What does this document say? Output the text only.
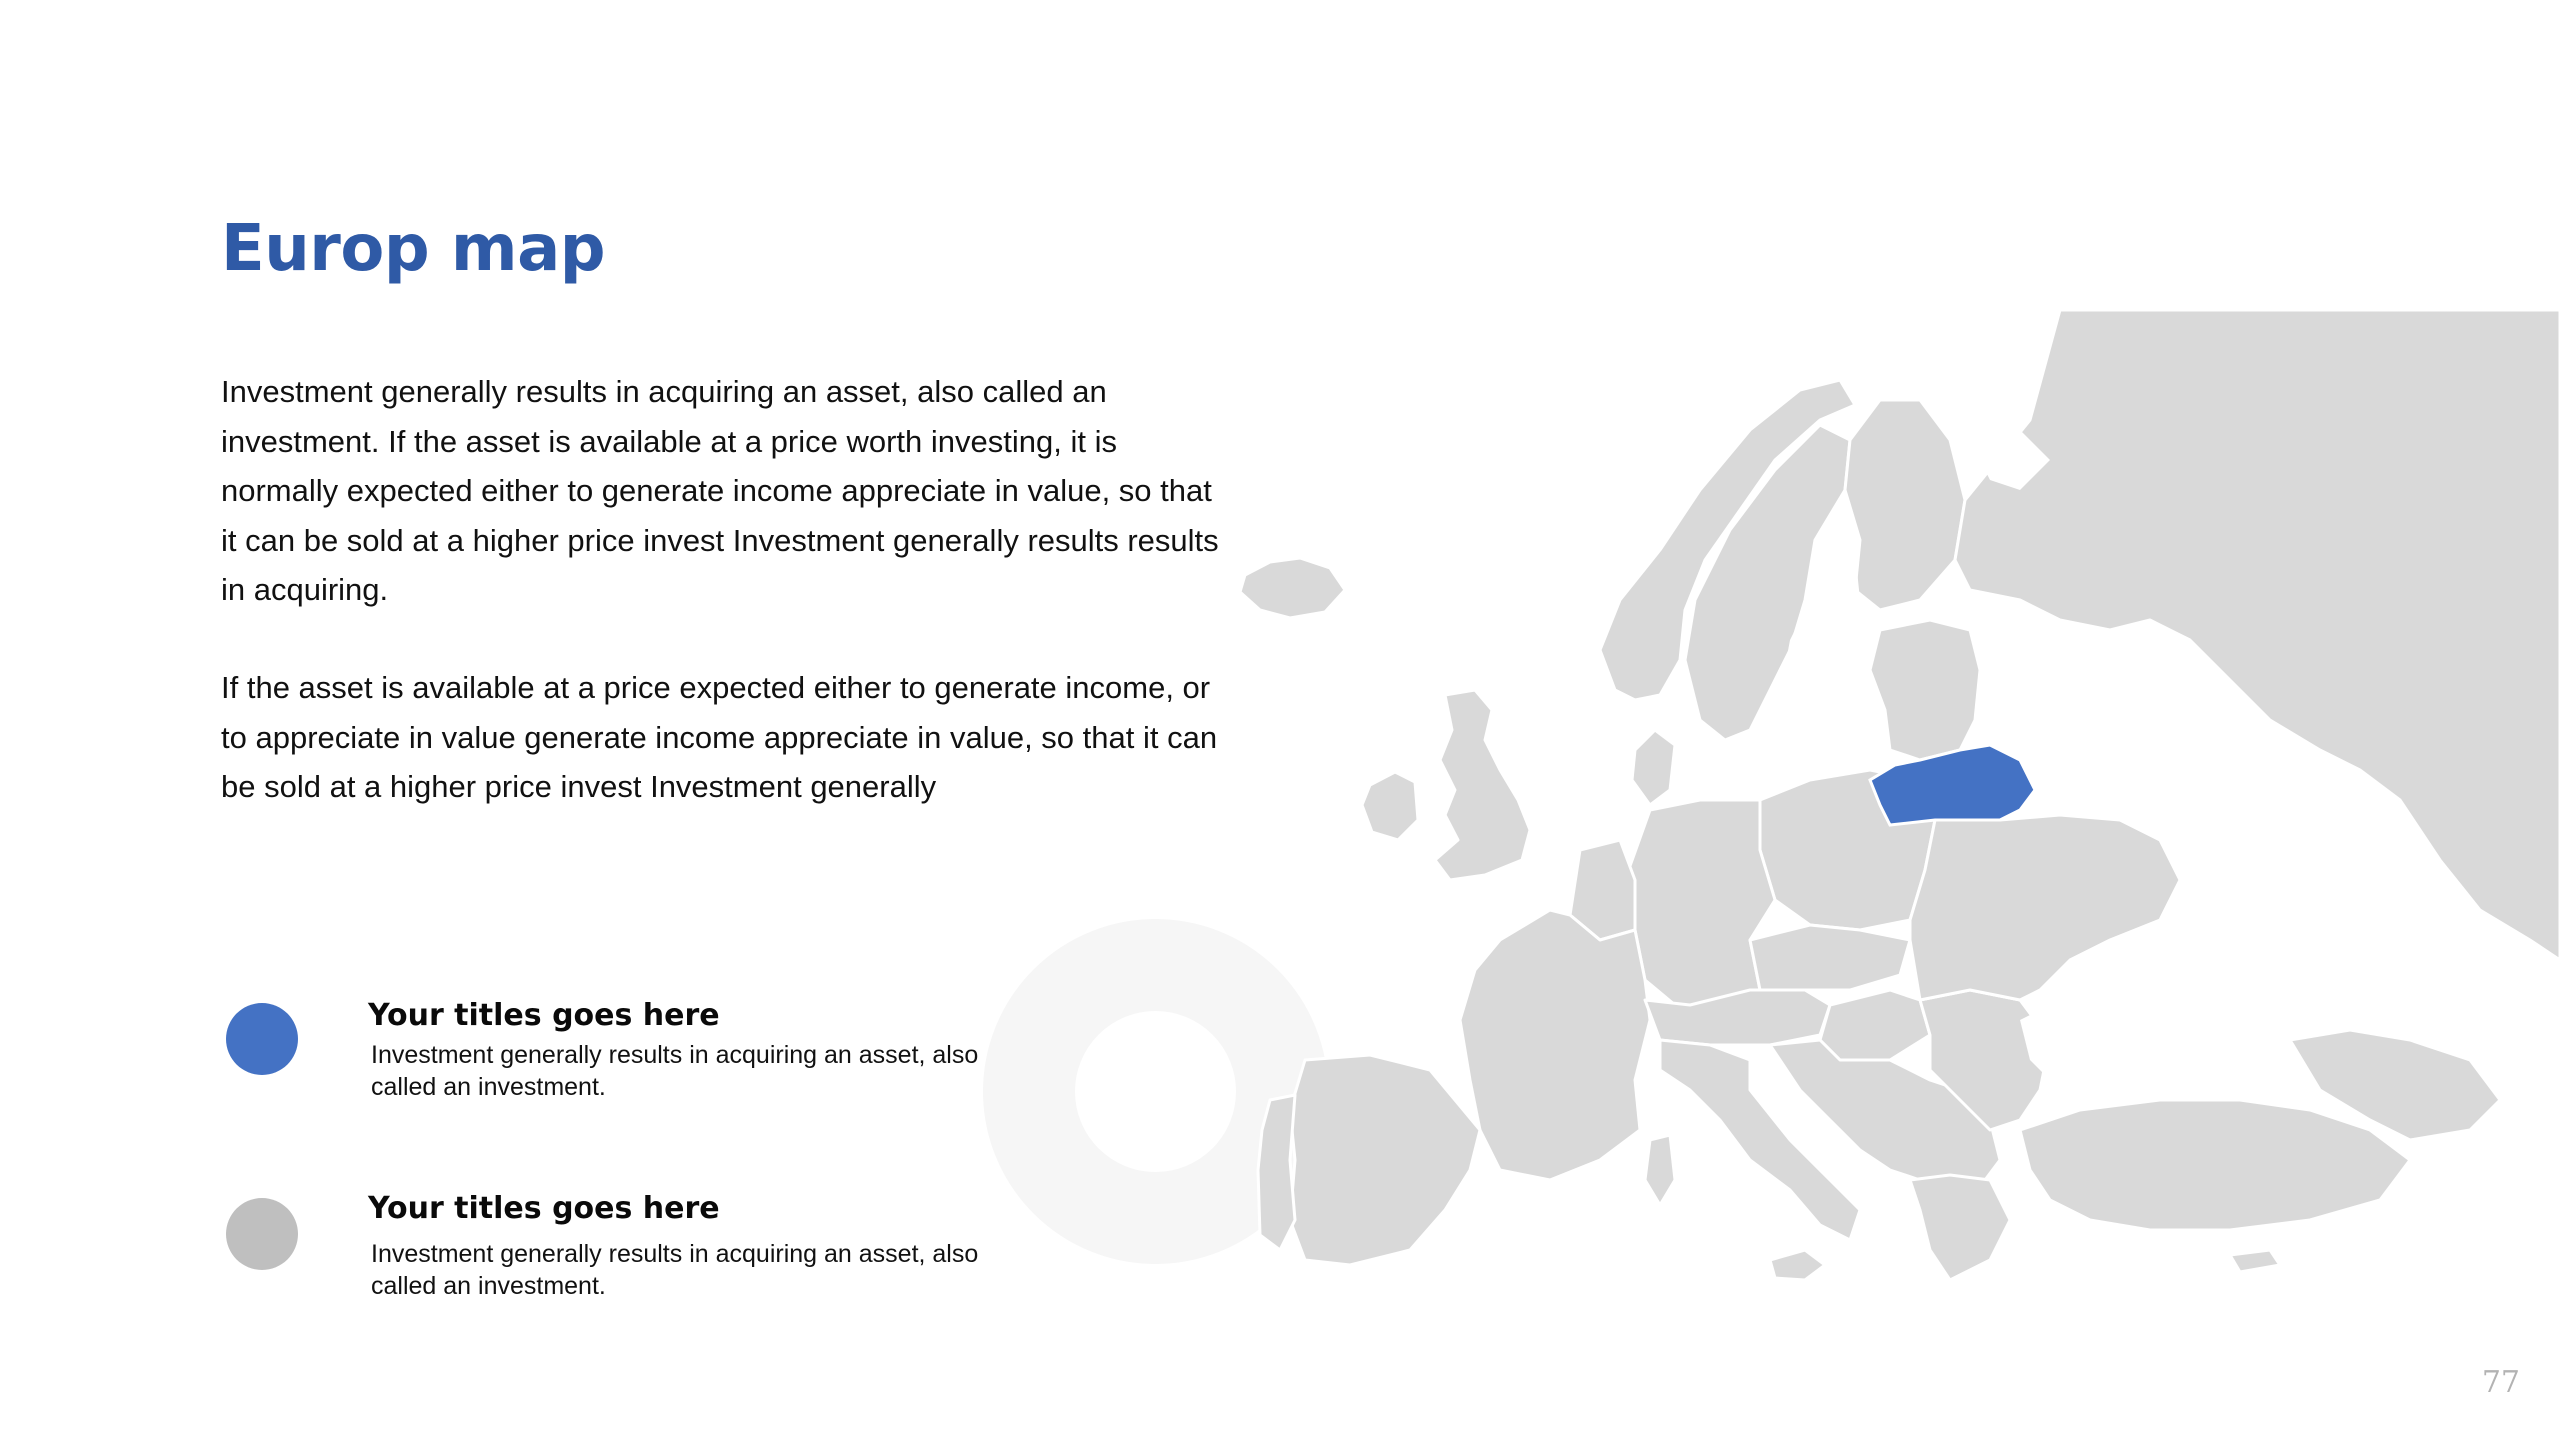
Europ map

Investment generally results in acquiring an asset, also called an investment. If the asset is available at a price worth investing, it is normally expected either to generate income appreciate in value, so that it can be sold at a higher price invest Investment generally results results in acquiring.

If the asset is available at a price expected either to generate income, or to appreciate in value generate income appreciate in value, so that it can be sold at a higher price invest Investment generally

Your titles goes here

Investment generally results in acquiring an asset, also called an investment.

Your titles goes here

Investment generally results in acquiring an asset, also called an investment.

77
